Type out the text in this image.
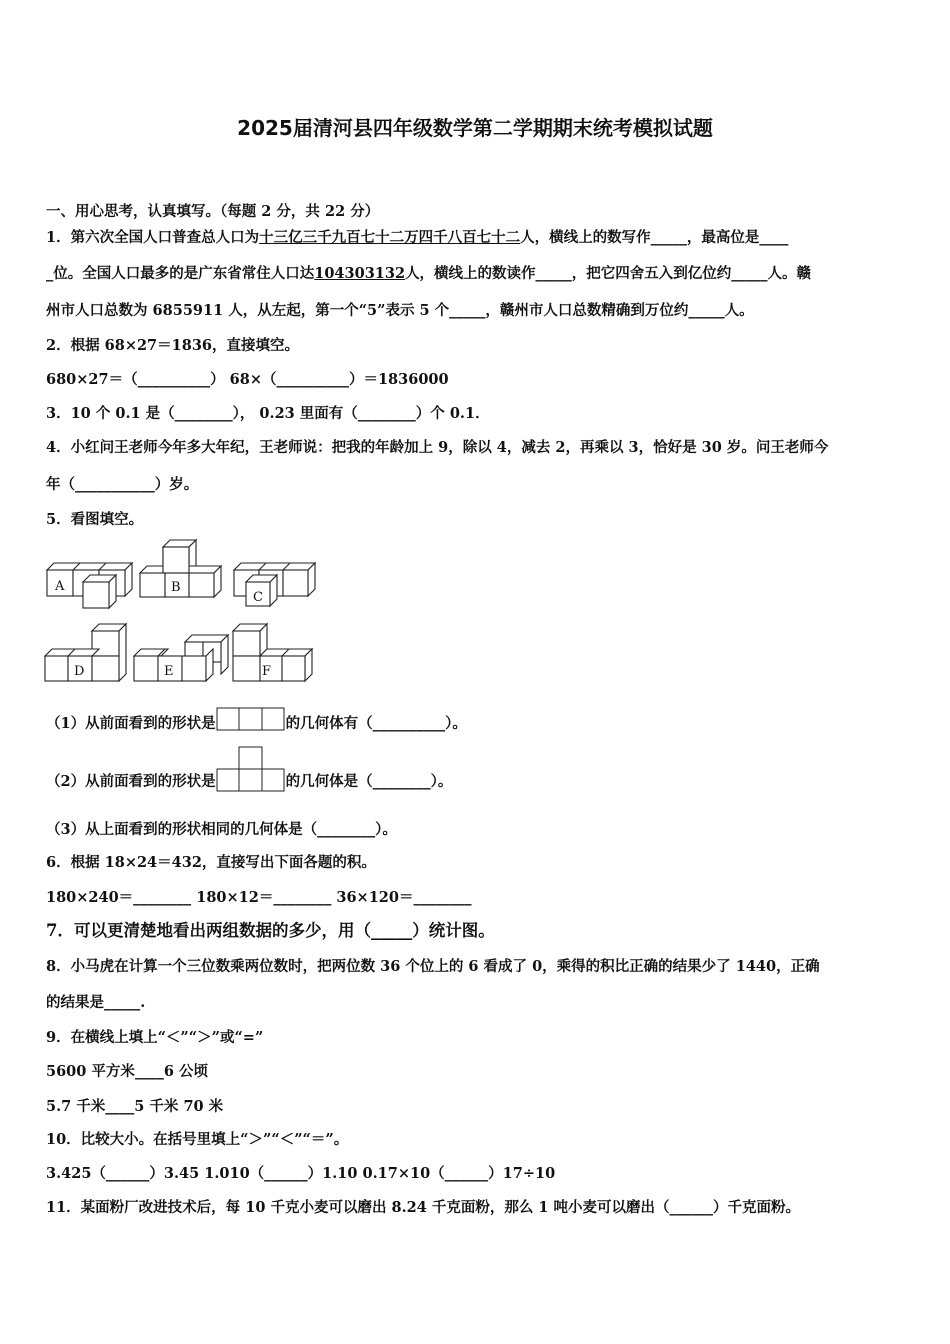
2025届清河县四年级数学第二学期期末统考模拟试题
一、用心思考，认真填写。（每题 2 分，共 22 分）
1．第六次全国人口普查总人口为十三亿三千九百七十二万四千八百七十二人，横线上的数写作_____，最高位是____
_位。全国人口最多的是广东省常住人口达104303132人，横线上的数读作_____，把它四舍五入到亿位约_____人。赣
州市人口总数为 6855911 人，从左起，第一个“5”表示 5 个_____，赣州市人口总数精确到万位约_____人。
2．根据 68×27＝1836，直接填空。
680×27＝（__________） 68×（__________）＝1836000
3．10 个 0.1 是（________）， 0.23 里面有（________）个 0.1．
4．小红问王老师今年多大年纪，王老师说：把我的年龄加上 9，除以 4，减去 2，再乘以 3，恰好是 30 岁。问王老师今
年（___________）岁。
5．看图填空。
A	B
C
D	E	F
（1）从前面看到的形状是	的几何体有（__________）。
（2）从前面看到的形状是	的几何体是（________）。
（3）从上面看到的形状相同的几何体是（________）。
6．根据 18×24＝432，直接写出下面各题的积。
180×240＝________ 180×12＝________ 36×120＝________
7．可以更清楚地看出两组数据的多少，用（_____）统计图。
8．小马虎在计算一个三位数乘两位数时，把两位数 36 个位上的 6 看成了 0，乘得的积比正确的结果少了 1440，正确
的结果是_____.
9．在横线上填上“＜”“＞”或“=”
5600 平方米____6 公顷
5.7 千米____5 千米 70 米
10．比较大小。在括号里填上“＞”“＜”“＝”。
3.425（______）3.45 1.010（______）1.10 0.17×10（______）17÷10
11．某面粉厂改进技术后，每 10 千克小麦可以磨出 8.24 千克面粉，那么 1 吨小麦可以磨出（______）千克面粉。
